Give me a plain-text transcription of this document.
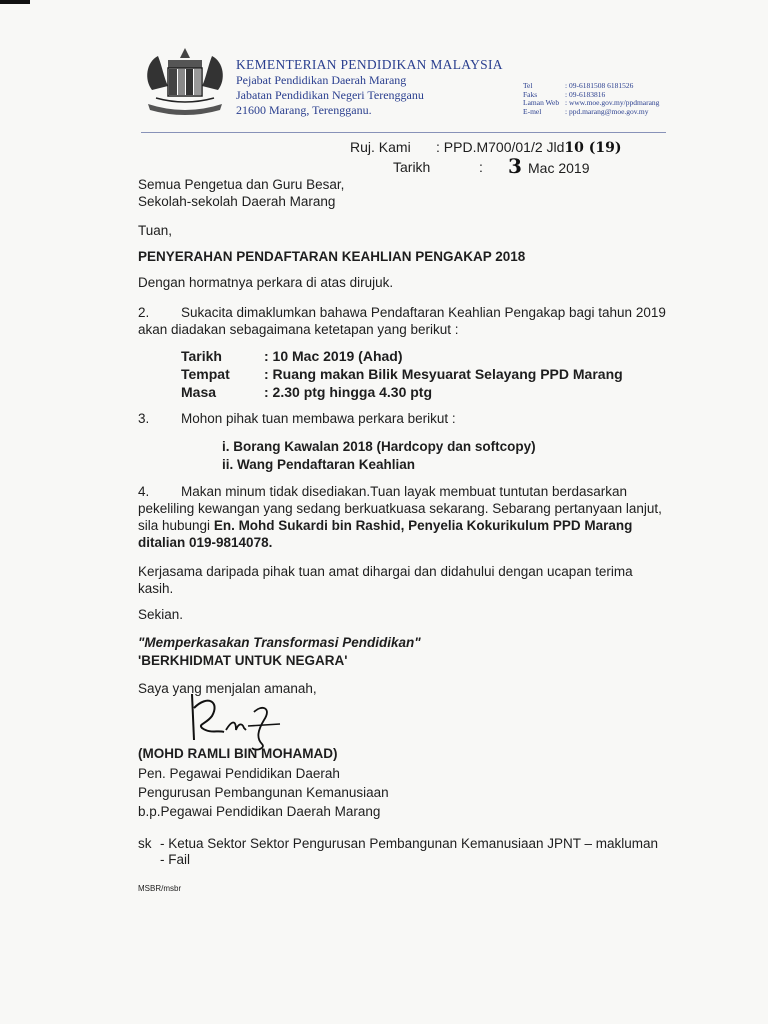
KEMENTERIAN PENDIDIKAN MALAYSIA
Pejabat Pendidikan Daerah Marang
Jabatan Pendidikan Negeri Terengganu
21600 Marang, Terengganu.
Tel	: 09-6181508 6181526
Faks	: 09-6183816
Laman Web : www.moe.gov.my/ppdmarang
E-mel	: ppd.marang@moe.gov.my
Ruj. Kami : PPD.M700/01/2 Jld10 (19)
Tarikh	: 3 Mac 2019
Semua Pengetua dan Guru Besar,
Sekolah-sekolah Daerah Marang
Tuan,
PENYERAHAN PENDAFTARAN KEAHLIAN PENGAKAP 2018
Dengan hormatnya perkara di atas dirujuk.
2. Sukacita dimaklumkan bahawa Pendaftaran Keahlian Pengakap bagi tahun 2019
akan diadakan sebagaimana ketetapan yang berikut :
Tarikh	: 10 Mac 2019 (Ahad)
Tempat : Ruang makan Bilik Mesyuarat Selayang PPD Marang
Masa	: 2.30 ptg hingga 4.30 ptg
3. Mohon pihak tuan membawa perkara berikut :
i. Borang Kawalan 2018 (Hardcopy dan softcopy)
ii. Wang Pendaftaran Keahlian
4. Makan minum tidak disediakan.Tuan layak membuat tuntutan berdasarkan
pekeliling kewangan yang sedang berkuatkuasa sekarang. Sebarang pertanyaan lanjut,
sila hubungi En. Mohd Sukardi bin Rashid, Penyelia Kokurikulum PPD Marang
ditalian 019-9814078.
Kerjasama daripada pihak tuan amat dihargai dan didahului dengan ucapan terima
kasih.
Sekian.
"Memperkasakan Transformasi Pendidikan"
'BERKHIDMAT UNTUK NEGARA'
Saya yang menjalan amanah,
(MOHD RAMLI BIN MOHAMAD)
Pen. Pegawai Pendidikan Daerah
Pengurusan Pembangunan Kemanusiaan
b.p.Pegawai Pendidikan Daerah Marang
sk - Ketua Sektor Sektor Pengurusan Pembangunan Kemanusiaan JPNT – makluman
- Fail
MSBR/msbr
